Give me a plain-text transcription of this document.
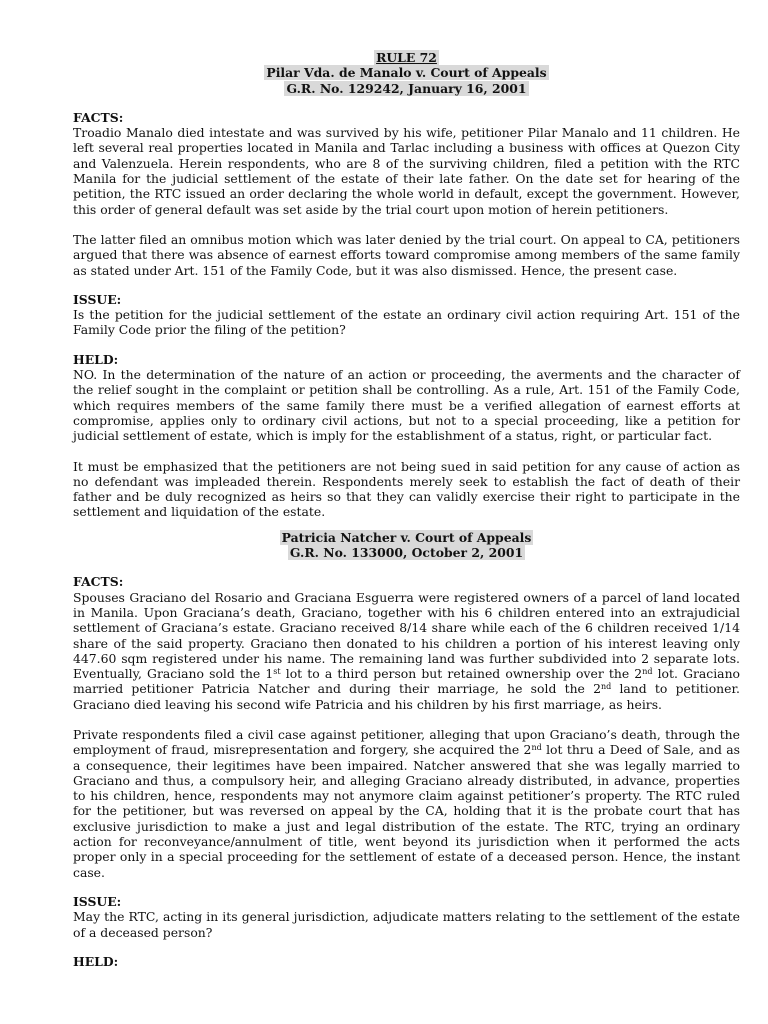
RULE 72
Pilar Vda. de Manalo v. Court of Appeals
G.R. No. 129242, January 16, 2001
FACTS:

Troadio Manalo died intestate and was survived by his wife, petitioner Pilar Manalo and 11 children. He left several real properties located in Manila and Tarlac including a business with offices at Quezon City and Valenzuela. Herein respondents, who are 8 of the surviving children, filed a petition with the RTC Manila for the judicial settlement of the estate of their late father. On the date set for hearing of the petition, the RTC issued an order declaring the whole world in default, except the government. However, this order of general default was set aside by the trial court upon motion of herein petitioners.

The latter filed an omnibus motion which was later denied by the trial court. On appeal to CA, petitioners argued that there was absence of earnest efforts toward compromise among members of the same family as stated under Art. 151 of the Family Code, but it was also dismissed. Hence, the present case.

ISSUE:

Is the petition for the judicial settlement of the estate an ordinary civil action requiring Art. 151 of the Family Code prior the filing of the petition?

HELD:

NO. In the determination of the nature of an action or proceeding, the averments and the character of the relief sought in the complaint or petition shall be controlling. As a rule, Art. 151 of the Family Code, which requires members of the same family there must be a verified allegation of earnest efforts at compromise, applies only to ordinary civil actions, but not to a special proceeding, like a petition for judicial settlement of estate, which is imply for the establishment of a status, right, or particular fact.

It must be emphasized that the petitioners are not being sued in said petition for any cause of action as no defendant was impleaded therein. Respondents merely seek to establish the fact of death of their father and be duly recognized as heirs so that they can validly exercise their right to participate in the settlement and liquidation of the estate.

Patricia Natcher v. Court of Appeals
G.R. No. 133000, October 2, 2001
FACTS:

Spouses Graciano del Rosario and Graciana Esguerra were registered owners of a parcel of land located in Manila. Upon Graciana’s death, Graciano, together with his 6 children entered into an extrajudicial settlement of Graciana’s estate. Graciano received 8/14 share while each of the 6 children received 1/14 share of the said property. Graciano then donated to his children a portion of his interest leaving only 447.60 sqm registered under his name. The remaining land was further subdivided into 2 separate lots. Eventually, Graciano sold the 1st lot to a third person but retained ownership over the 2nd lot. Graciano married petitioner Patricia Natcher and during their marriage, he sold the 2nd land to petitioner. Graciano died leaving his second wife Patricia and his children by his first marriage, as heirs.

Private respondents filed a civil case against petitioner, alleging that upon Graciano’s death, through the employment of fraud, misrepresentation and forgery, she acquired the 2nd lot thru a Deed of Sale, and as a consequence, their legitimes have been impaired. Natcher answered that she was legally married to Graciano and thus, a compulsory heir, and alleging Graciano already distributed, in advance, properties to his children, hence, respondents may not anymore claim against petitioner’s property. The RTC ruled for the petitioner, but was reversed on appeal by the CA, holding that it is the probate court that has exclusive jurisdiction to make a just and legal distribution of the estate. The RTC, trying an ordinary action for reconveyance/annulment of title, went beyond its jurisdiction when it performed the acts proper only in a special proceeding for the settlement of estate of a deceased person. Hence, the instant case.

ISSUE:

May the RTC, acting in its general jurisdiction, adjudicate matters relating to the settlement of the estate of a deceased person?

HELD:
